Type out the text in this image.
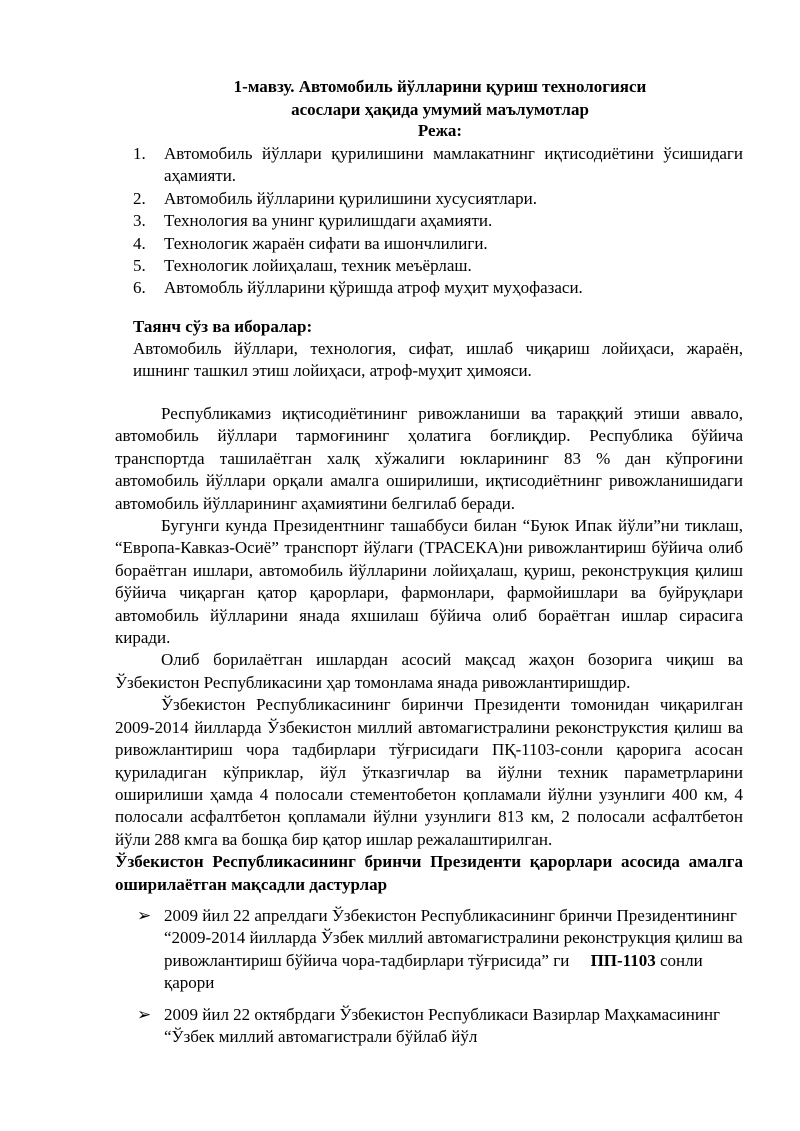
1-мавзу. Автомобиль йўлларини қуриш технологияси
асослари ҳақида умумий маълумотлар
Режа:
1. Автомобиль йўллари қурилишини мамлакатнинг иқтисодиётини ўсишидаги аҳамияти.
2. Автомобиль йўлларини қурилишини хусусиятлари.
3. Технология ва унинг қурилишдаги аҳамияти.
4. Технологик жараён сифати ва ишончлилиги.
5. Технологик лойиҳалаш, техник меъёрлаш.
6. Автомобль йўлларини қўришда атроф муҳит муҳофазаси.
Таянч сўз ва иборалар:
Автомобиль йўллари, технология, сифат, ишлаб чиқариш лойиҳаси, жараён, ишнинг ташкил этиш лойиҳаси, атроф-муҳит ҳимояси.

Республикамиз иқтисодиётининг ривожланиши ва тараққий этиши аввало, автомобиль йўллари тармоғининг ҳолатига боғлиқдир. Республика бўйича транспортда ташилаётган халқ хўжалиги юкларининг 83 % дан кўпроғини автомобиль йўллари орқали амалга оширилиши, иқтисодиётнинг ривожланишидаги автомобиль йўлларининг аҳамиятини белгилаб беради.

Бугунги кунда Президентнинг ташаббуси билан “Буюк Ипак йўли”ни тиклаш, “Европа-Кавказ-Осиё” транспорт йўлаги (ТРАСЕКА)ни ривожлантириш бўйича олиб бораётган ишлари, автомобиль йўлларини лойиҳалаш, қуриш, реконструкция қилиш бўйича чиқарган қатор қарорлари, фармонлари, фармойишлари ва буйруқлари автомобиль йўлларини янада яхшилаш бўйича олиб бораётган ишлар сирасига киради.

Олиб борилаётган ишлардан асосий мақсад жаҳон бозорига чиқиш ва Ўзбекистон Республикасини ҳар томонлама янада ривожлантиришдир.

Ўзбекистон Республикасининг биринчи Президенти томонидан чиқарилган 2009-2014 йилларда Ўзбекистон миллий автомагистралини реконструкстия қилиш ва ривожлантириш чора тадбирлари тўғрисидаги ПҚ-1103-сонли қарорига асосан қуриладиган кўприклар, йўл ўтказгичлар ва йўлни техник параметрларини оширилиши ҳамда 4 полосали стементобетон қопламали йўлни узунлиги 400 км, 4 полосали асфалтбетон қопламали йўлни узунлиги 813 км, 2 полосали асфалтбетон йўли 288 кмга ва бошқа бир қатор ишлар режалаштирилган.

Ўзбекистон Республикасининг бринчи Президенти қарорлари асосида амалга оширилаётган мақсадли дастурлар

➢ 2009 йил 22 апрелдаги Ўзбекистон Республикасининг бринчи Президентининг “2009-2014 йилларда Ўзбек миллий автомагистралини реконструкция қилиш ва ривожлантириш бўйича чора-тадбирлари тўғрисида” ги ПП-1103 сонли қарори
➢ 2009 йил 22 октябрдаги Ўзбекистон Республикаси Вазирлар Маҳкамасининг “Ўзбек миллий автомагистрали бўйлаб йўл
